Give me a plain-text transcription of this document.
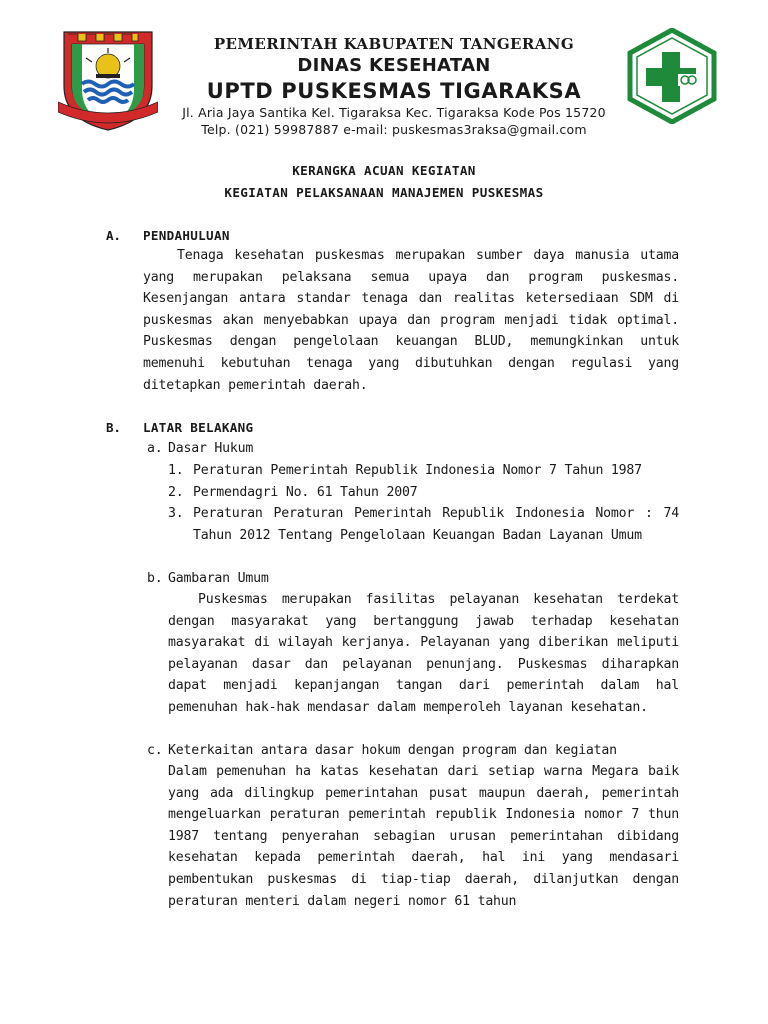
PEMERINTAH KABUPATEN TANGERANG
DINAS KESEHATAN
UPTD PUSKESMAS TIGARAKSA
Jl. Aria Jaya Santika Kel. Tigaraksa Kec. Tigaraksa Kode Pos 15720
Telp. (021) 59987887 e-mail: puskesmas3raksa@gmail.com
KERANGKA ACUAN KEGIATAN
KEGIATAN PELAKSANAAN MANAJEMEN PUSKESMAS
A. PENDAHULUAN
Tenaga kesehatan puskesmas merupakan sumber daya manusia utama yang merupakan pelaksana semua upaya dan program puskesmas. Kesenjangan antara standar tenaga dan realitas ketersediaan SDM di puskesmas akan menyebabkan upaya dan program menjadi tidak optimal. Puskesmas dengan pengelolaan keuangan BLUD, memungkinkan untuk memenuhi kebutuhan tenaga yang dibutuhkan dengan regulasi yang ditetapkan pemerintah daerah.
B. LATAR BELAKANG
a. Dasar Hukum
1. Peraturan Pemerintah Republik Indonesia Nomor 7 Tahun 1987
2. Permendagri No. 61 Tahun 2007
3. Peraturan Peraturan Pemerintah Republik Indonesia Nomor : 74 Tahun 2012 Tentang Pengelolaan Keuangan Badan Layanan Umum
b. Gambaran Umum
Puskesmas merupakan fasilitas pelayanan kesehatan terdekat dengan masyarakat yang bertanggung jawab terhadap kesehatan masyarakat di wilayah kerjanya. Pelayanan yang diberikan meliputi pelayanan dasar dan pelayanan penunjang. Puskesmas diharapkan dapat menjadi kepanjangan tangan dari pemerintah dalam hal pemenuhan hak-hak mendasar dalam memperoleh layanan kesehatan.
c. Keterkaitan antara dasar hokum dengan program dan kegiatan
Dalam pemenuhan ha katas kesehatan dari setiap warna Megara baik yang ada dilingkup pemerintahan pusat maupun daerah, pemerintah mengeluarkan peraturan pemerintah republik Indonesia nomor 7 thun 1987 tentang penyerahan sebagian urusan pemerintahan dibidang kesehatan kepada pemerintah daerah, hal ini yang mendasari pembentukan puskesmas di tiap-tiap daerah, dilanjutkan dengan peraturan menteri dalam negeri nomor 61 tahun
